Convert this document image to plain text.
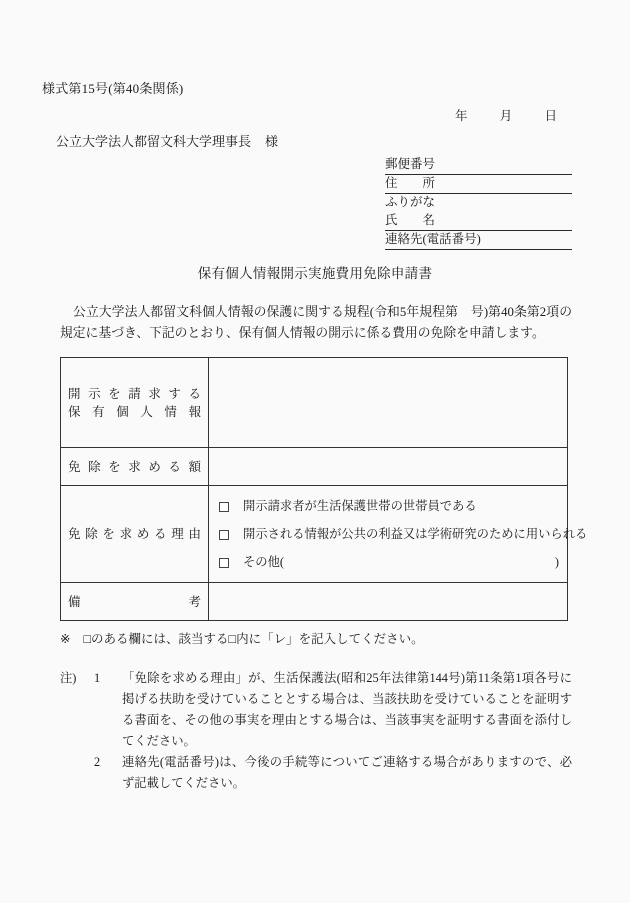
様式第15号(第40条関係)
年	月	日
公立大学法人都留文科大学理事長 様
郵便番号
住　　所
ふりがな
氏　　名
連絡先(電話番号)
保有個人情報開示実施費用免除申請書
公立大学法人都留文科個人情報の保護に関する規程(令和5年規程第　号)第40条第2項の規定に基づき、下記のとおり、保有個人情報の開示に係る費用の免除を申請します。
開示を請求する
保有個人情報	

免除を求める額	

免除を求める理由	開示請求者が生活保護世帯の世帯員である
開示される情報が公共の利益又は学術研究のために用いられる
その他( )

備　　　　考	

※ □のある欄には、該当する□内に「レ」を記入してください。
注)	1	「免除を求める理由」が、生活保護法(昭和25年法律第144号)第11条第1項各号に掲げる扶助を受けていることとする場合は、当該扶助を受けていることを証明する書面を、その他の事実を理由とする場合は、当該事実を証明する書面を添付してください。
2	連絡先(電話番号)は、今後の手続等についてご連絡する場合がありますので、必ず記載してください。
